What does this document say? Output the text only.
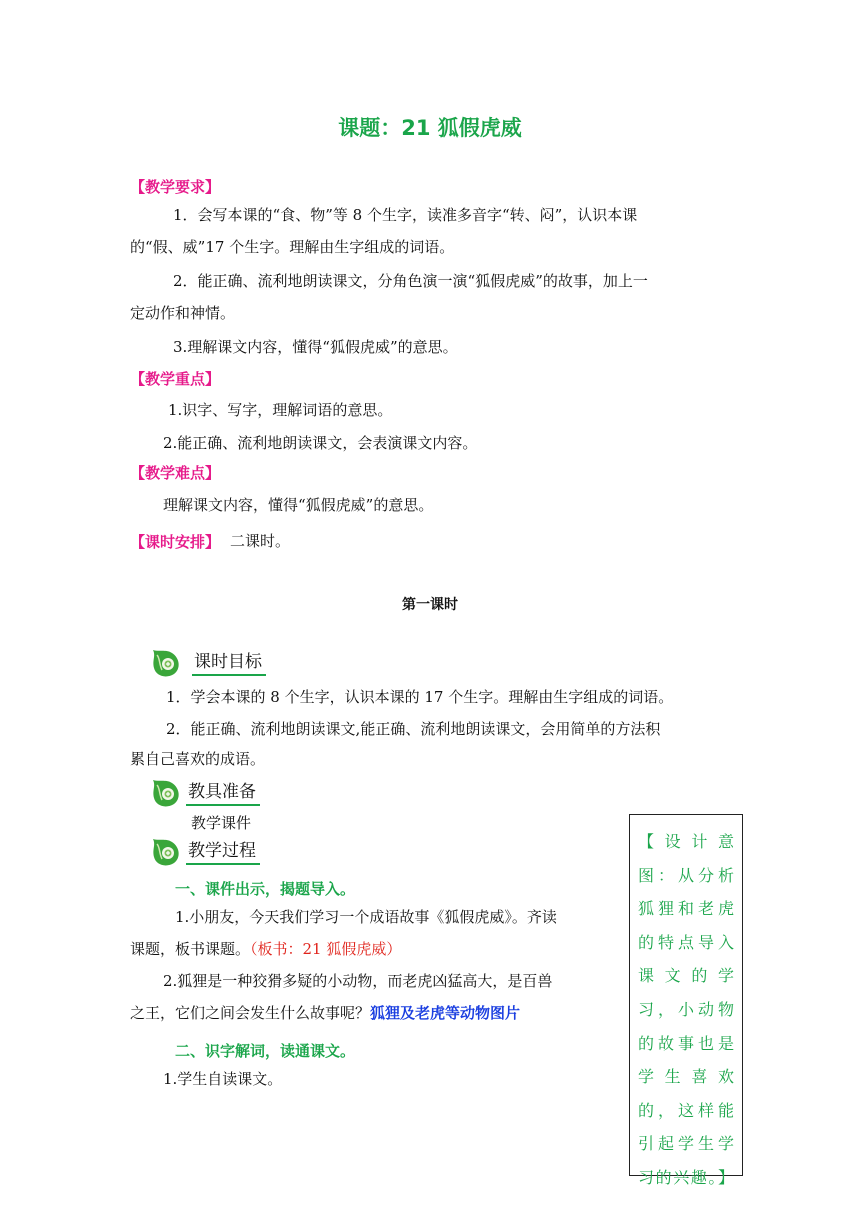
课题：21 狐假虎威
【教学要求】
1．会写本课的“食、物”等 8 个生字，读准多音字“转、闷”，认识本课
的“假、威”17 个生字。理解由生字组成的词语。
2．能正确、流利地朗读课文，分角色演一演“狐假虎威”的故事，加上一
定动作和神情。
3.理解课文内容，懂得“狐假虎威”的意思。
【教学重点】
1.识字、写字，理解词语的意思。
2.能正确、流利地朗读课文，会表演课文内容。
【教学难点】
理解课文内容，懂得“狐假虎威”的意思。
【课时安排】 二课时。
第一课时
课时目标
1．学会本课的 8 个生字，认识本课的 17 个生字。理解由生字组成的词语。
2．能正确、流利地朗读课文,能正确、流利地朗读课文，会用简单的方法积
累自己喜欢的成语。
教具准备
教学课件
教学过程
一、课件出示，揭题导入。
1.小朋友，今天我们学习一个成语故事《狐假虎威》。齐读
课题，板书课题。（板书：21 狐假虎威）
2.狐狸是一种狡猾多疑的小动物，而老虎凶猛高大，是百兽
之王，它们之间会发生什么故事呢？狐狸及老虎等动物图片
二、识字解词，读通课文。
1.学生自读课文。
【设计意
图：从分析
狐狸和老虎
的特点导入
课文的学
习，小动物
的故事也是
学生喜欢
的，这样能
引起学生学
习的兴趣。】
